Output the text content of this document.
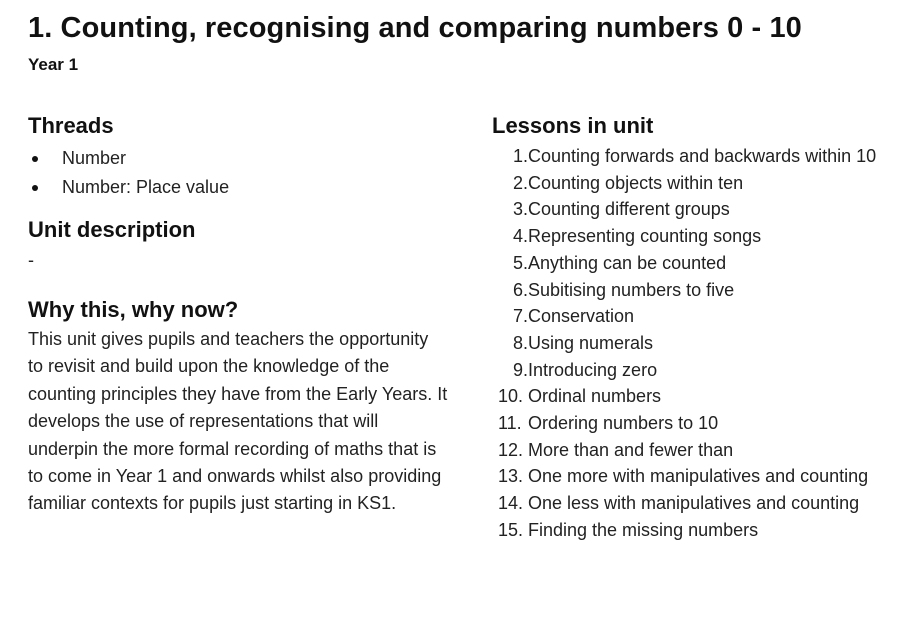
1. Counting, recognising and comparing numbers 0 - 10
Year 1
Threads
Number
Number: Place value
Unit description
-
Why this, why now?

This unit gives pupils and teachers the opportunity to revisit and build upon the knowledge of the counting principles they have from the Early Years. It develops the use of representations that will underpin the more formal recording of maths that is to come in Year 1 and onwards whilst also providing familiar contexts for pupils just starting in KS1.

Lessons in unit
1. Counting forwards and backwards within 10
2. Counting objects within ten
3. Counting different groups
4. Representing counting songs
5. Anything can be counted
6. Subitising numbers to five
7. Conservation
8. Using numerals
9. Introducing zero
10. Ordinal numbers
11. Ordering numbers to 10
12. More than and fewer than
13. One more with manipulatives and counting
14. One less with manipulatives and counting
15. Finding the missing numbers
